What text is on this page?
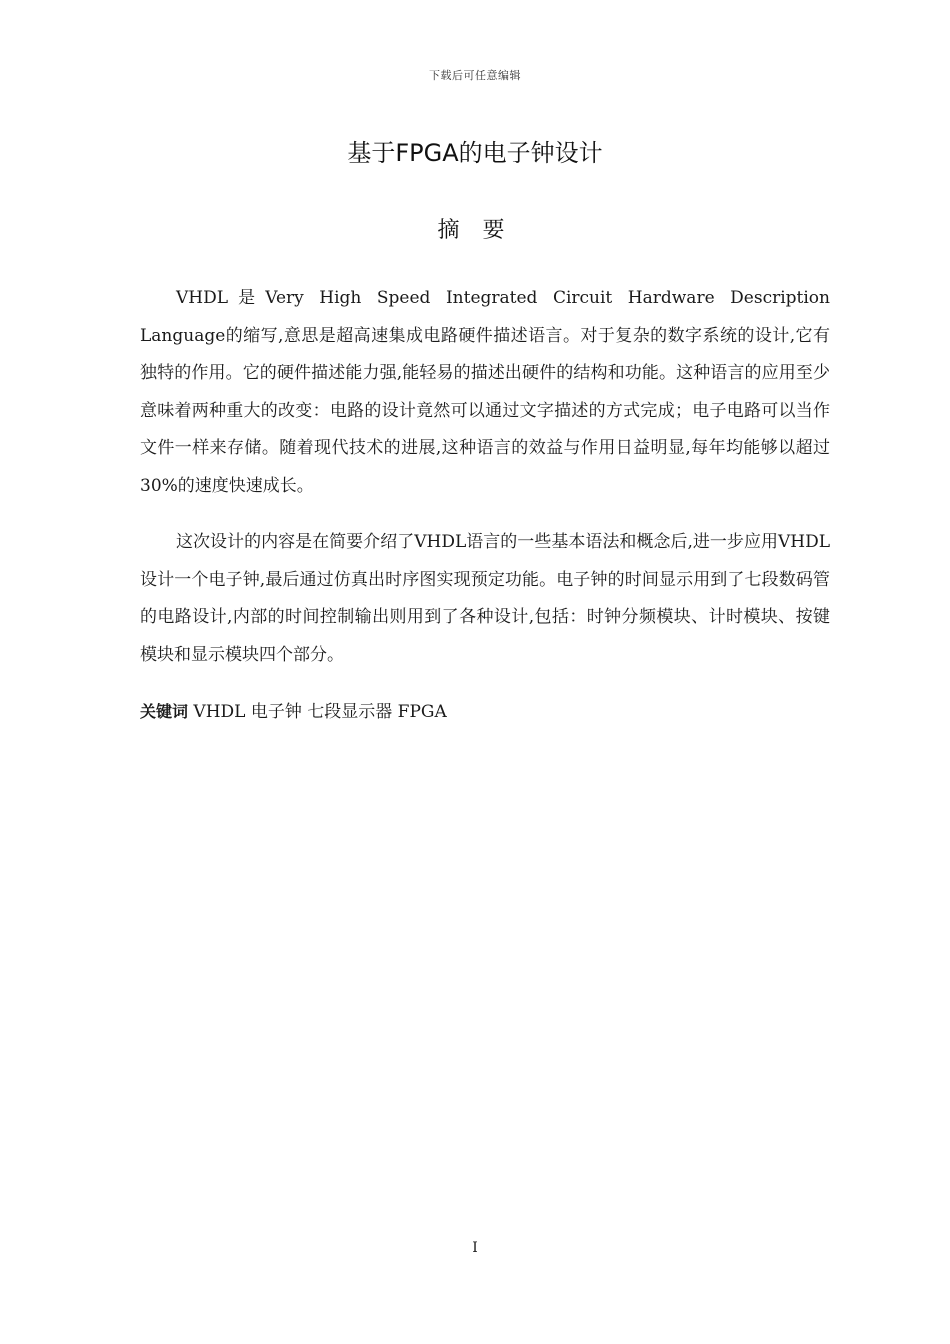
下载后可任意编辑
基于FPGA的电子钟设计
摘 要

VHDL是Very High Speed Integrated Circuit Hardware Description Language的缩写,意思是超高速集成电路硬件描述语言。对于复杂的数字系统的设计,它有独特的作用。它的硬件描述能力强,能轻易的描述出硬件的结构和功能。这种语言的应用至少意味着两种重大的改变：电路的设计竟然可以通过文字描述的方式完成；电子电路可以当作文件一样来存储。随着现代技术的进展,这种语言的效益与作用日益明显,每年均能够以超过30%的速度快速成长。

这次设计的内容是在简要介绍了VHDL语言的一些基本语法和概念后,进一步应用VHDL设计一个电子钟,最后通过仿真出时序图实现预定功能。电子钟的时间显示用到了七段数码管的电路设计,内部的时间控制输出则用到了各种设计,包括：时钟分频模块、计时模块、按键模块和显示模块四个部分。

关键词 VHDL 电子钟 七段显示器 FPGA

I
